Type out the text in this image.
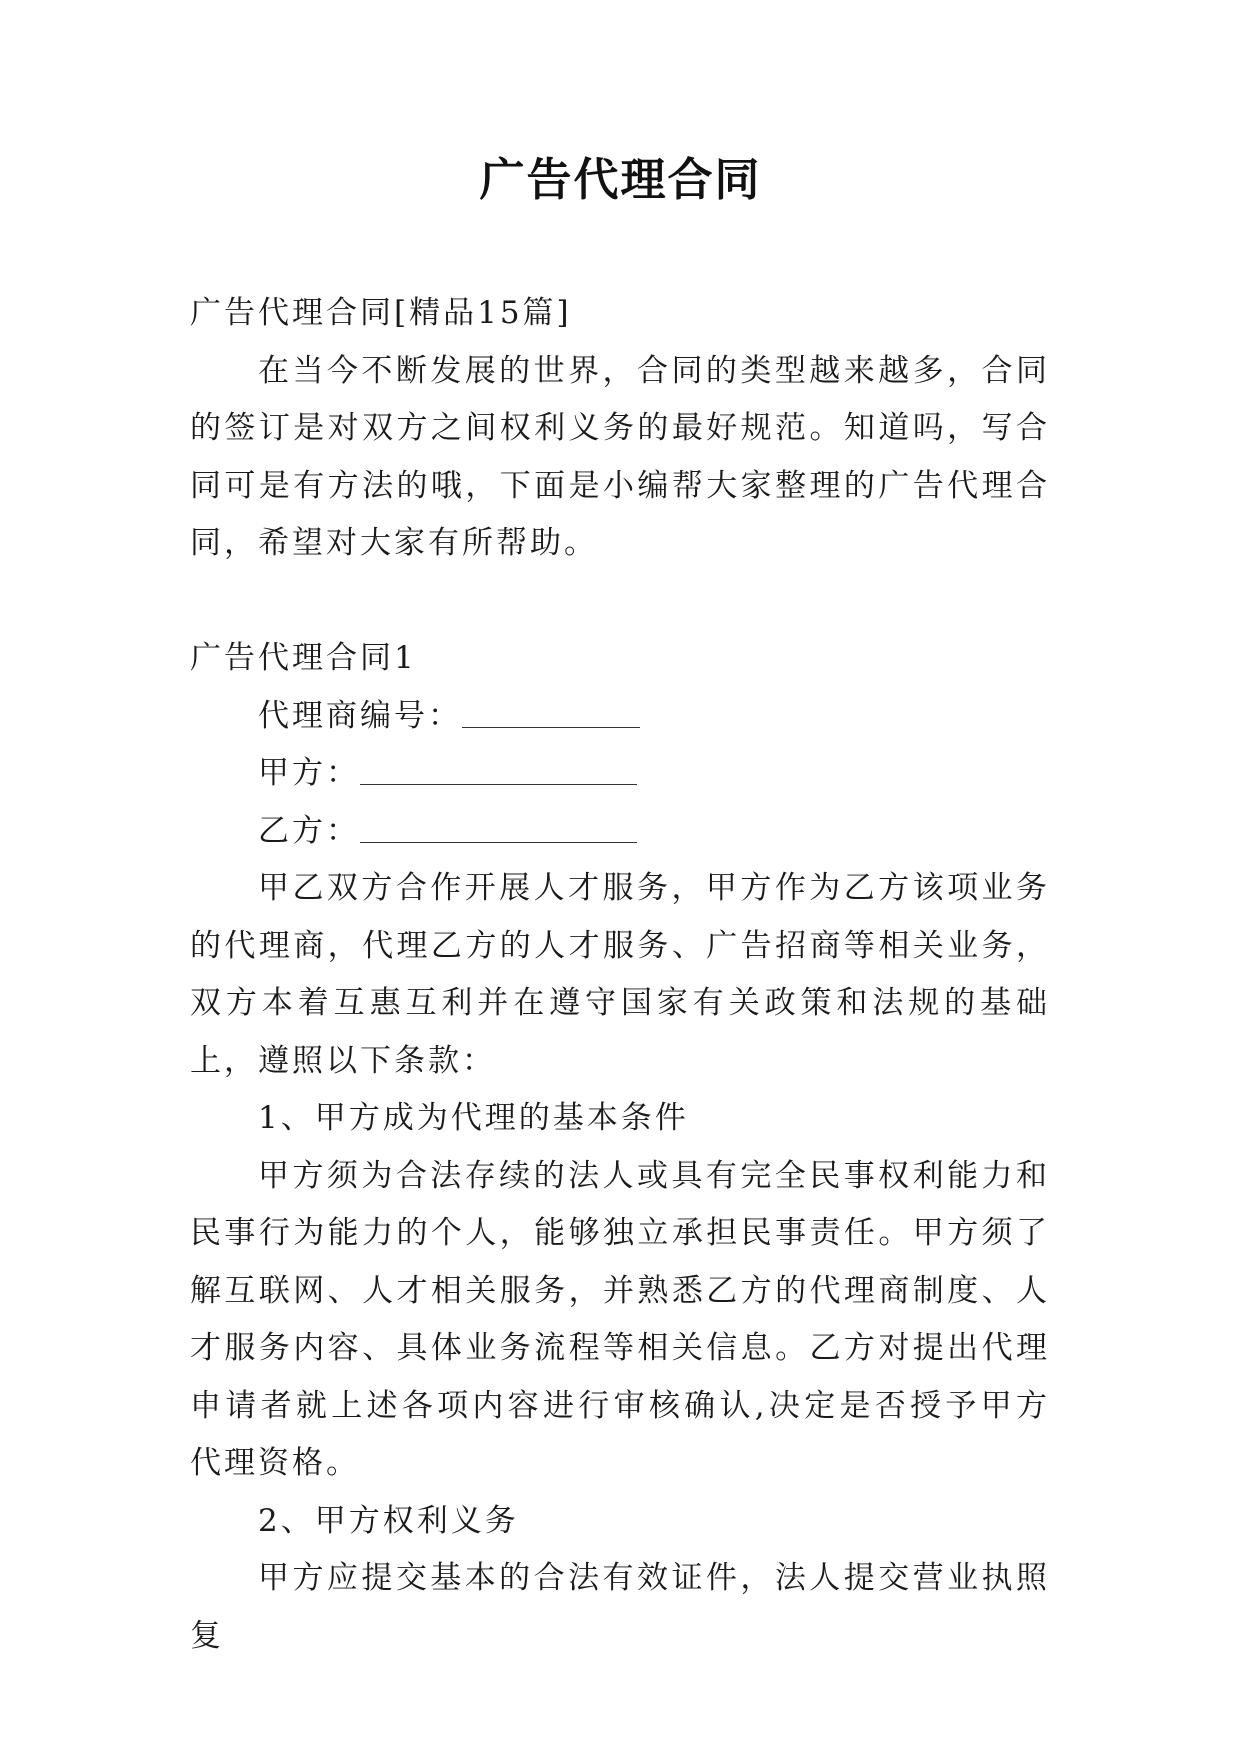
广告代理合同

广告代理合同[精品15篇]

在当今不断发展的世界，合同的类型越来越多，合同的签订是对双方之间权利义务的最好规范。知道吗，写合同可是有方法的哦，下面是小编帮大家整理的广告代理合同，希望对大家有所帮助。

广告代理合同1

代理商编号：

甲方：

乙方：

甲乙双方合作开展人才服务，甲方作为乙方该项业务的代理商，代理乙方的人才服务、广告招商等相关业务，双方本着互惠互利并在遵守国家有关政策和法规的基础上，遵照以下条款：

1、甲方成为代理的基本条件

甲方须为合法存续的法人或具有完全民事权利能力和民事行为能力的个人，能够独立承担民事责任。甲方须了解互联网、人才相关服务，并熟悉乙方的代理商制度、人才服务内容、具体业务流程等相关信息。乙方对提出代理申请者就上述各项内容进行审核确认,决定是否授予甲方代理资格。

2、甲方权利义务

甲方应提交基本的合法有效证件，法人提交营业执照复
